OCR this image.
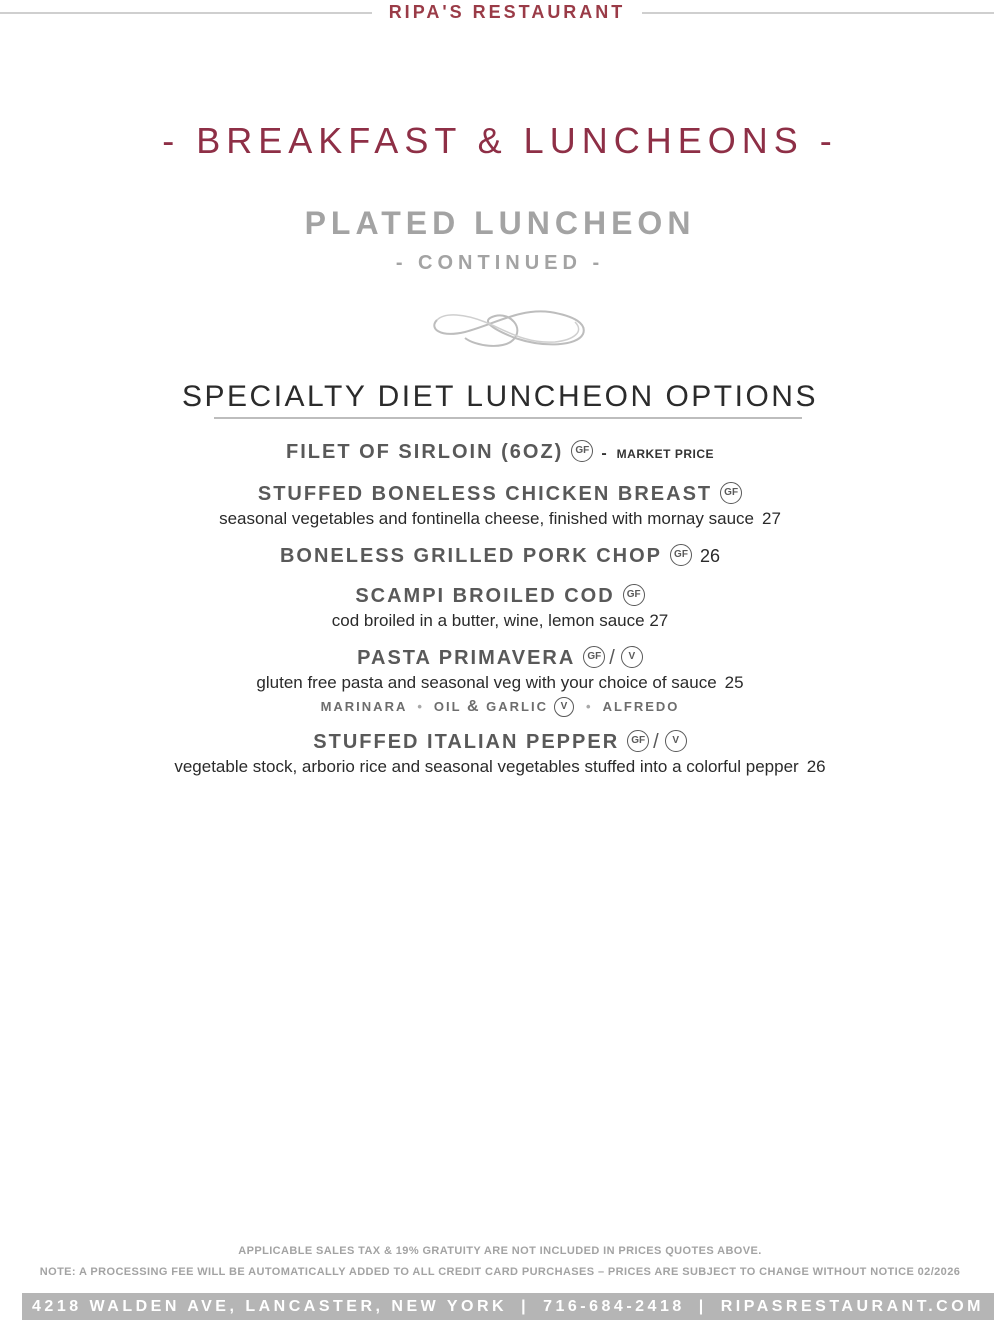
RIPA'S RESTAURANT
- BREAKFAST & LUNCHEONS -
PLATED LUNCHEON
- CONTINUED -
SPECIALTY DIET LUNCHEON OPTIONS
FILET OF SIRLOIN (6OZ) GF - MARKET PRICE
STUFFED BONELESS CHICKEN BREAST GF
seasonal vegetables and fontinella cheese, finished with mornay sauce 27
BONELESS GRILLED PORK CHOP GF 26
SCAMPI BROILED COD GF
cod broiled in a butter, wine, lemon sauce 27
PASTA PRIMAVERA GF / V
gluten free pasta and seasonal veg with your choice of sauce 25
MARINARA • OIL & GARLIC V • ALFREDO
STUFFED ITALIAN PEPPER GF / V
vegetable stock, arborio rice and seasonal vegetables stuffed into a colorful pepper 26
APPLICABLE SALES TAX & 19% GRATUITY ARE NOT INCLUDED IN PRICES QUOTES ABOVE.
NOTE: A PROCESSING FEE WILL BE AUTOMATICALLY ADDED TO ALL CREDIT CARD PURCHASES – PRICES ARE SUBJECT TO CHANGE WITHOUT NOTICE 02/2026
4218 WALDEN AVE, LANCASTER, NEW YORK | 716-684-2418 | RIPASRESTAURANT.COM
